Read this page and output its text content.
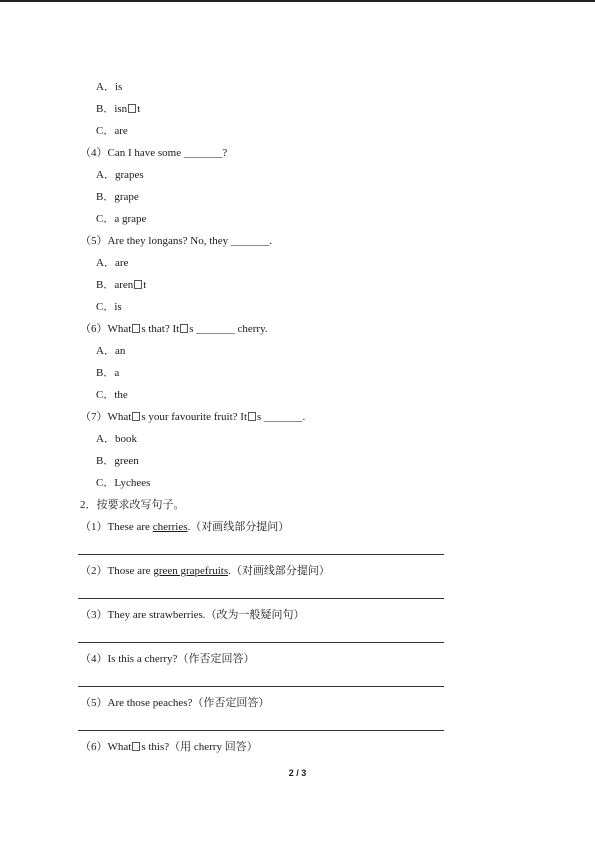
A．is
B．isn t
C．are
（4）Can I have some _______?
A．grapes
B．grape
C．a grape
（5）Are they longans? No, they _______.
A．are
B．aren t
C．is
（6）What s that? It s _______ cherry.
A．an
B．a
C．the
（7）What s your favourite fruit? It s _______.
A．book
B．green
C．Lychees
2．按要求改写句子。
（1）These are cherries.（对画线部分提问）
（2）Those are green grapefruits.（对画线部分提问）
（3）They are strawberries.（改为一般疑问句）
（4）Is this a cherry?（作否定回答）
（5）Are those peaches?（作否定回答）
（6）What s this?（用 cherry 回答）
2 / 3
